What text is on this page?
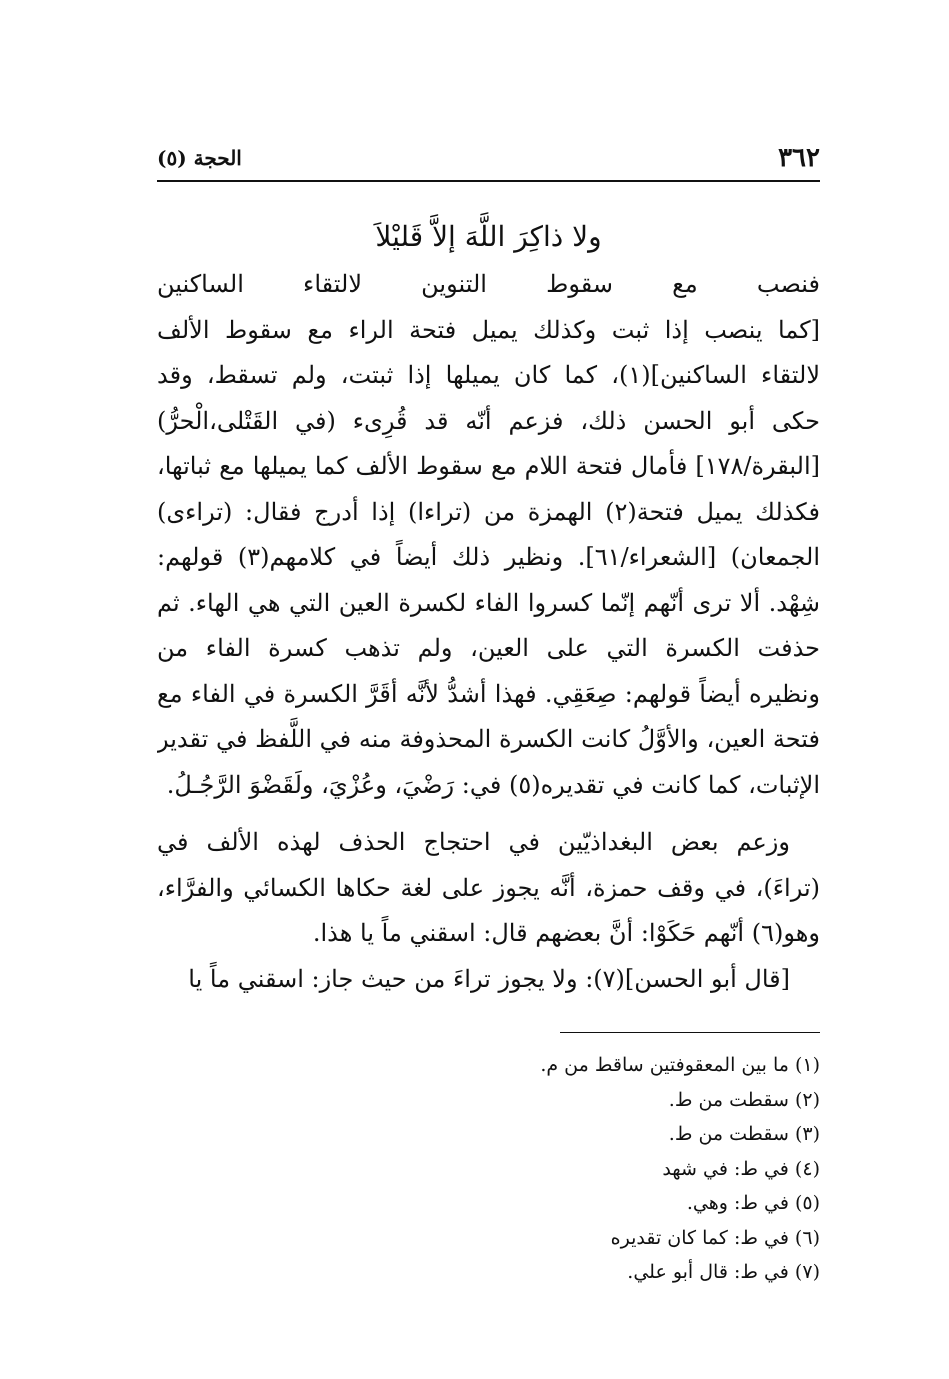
٣٦٢
الحجة (٥)
ولا ذاكِرَ اللَّهَ إلاَّ قَليْلاَ
فنصب مع سقوط التنوين لالتقاء الساكنين
[كما ينصب إذا ثبت وكذلك يميل فتحة الراء مع سقوط الألف
لالتقاء الساكنين](١)، كما كان يميلها إذا ثبتت، ولم تسقط، وقد
حكى أبو الحسن ذلك، فزعم أنّه قد قُرِىء (في القَتْلى،الْحرُّ)
[البقرة/١٧٨] فأمال فتحة اللام مع سقوط الألف كما يميلها مع ثباتها،
فكذلك يميل فتحة(٢) الهمزة من (تراءا) إذا أدرج فقال: (تراءى)
الجمعان) [الشعراء/٦١]. ونظير ذلك أيضاً في كلامهم(٣) قولهم:
شِهْد. ألا ترى أنّهم إنّما كسروا الفاء لكسرة العين التي هي الهاء. ثم
حذفت الكسرة التي على العين، ولم تذهب كسرة الفاء من
ونظيره أيضاً قولهم: صِعَقِي. فهذا أشدُّ لأنَّه أقَرَّ الكسرة في الفاء مع
فتحة العين، والأوَّلُ كانت الكسرة المحذوفة منه في اللَّفظ في تقدير
الإثبات، كما كانت في تقديره(٥) في: رَضْيَ، وعُزْيَ، ولَقَضْوَ الرَّجُـلُ.
وزعم بعض البغداذيّين في احتجاج الحذف لهذه الألف في
(تراءَ)، في وقف حمزة، أنَّه يجوز على لغة حكاها الكسائي والفرَّاء،
وهو(٦) أنّهم حَكَوْا: أنَّ بعضهم قال: اسقني ماً يا هذا.
[قال أبو الحسن](٧): ولا يجوز تراءَ من حيث جاز: اسقني ماً يا
(١) ما بين المعقوفتين ساقط من م.
(٢) سقطت من ط.
(٣) سقطت من ط.
(٤) في ط: في شهد
(٥) في ط: وهي.
(٦) في ط: كما كان تقديره
(٧) في ط: قال أبو علي.
